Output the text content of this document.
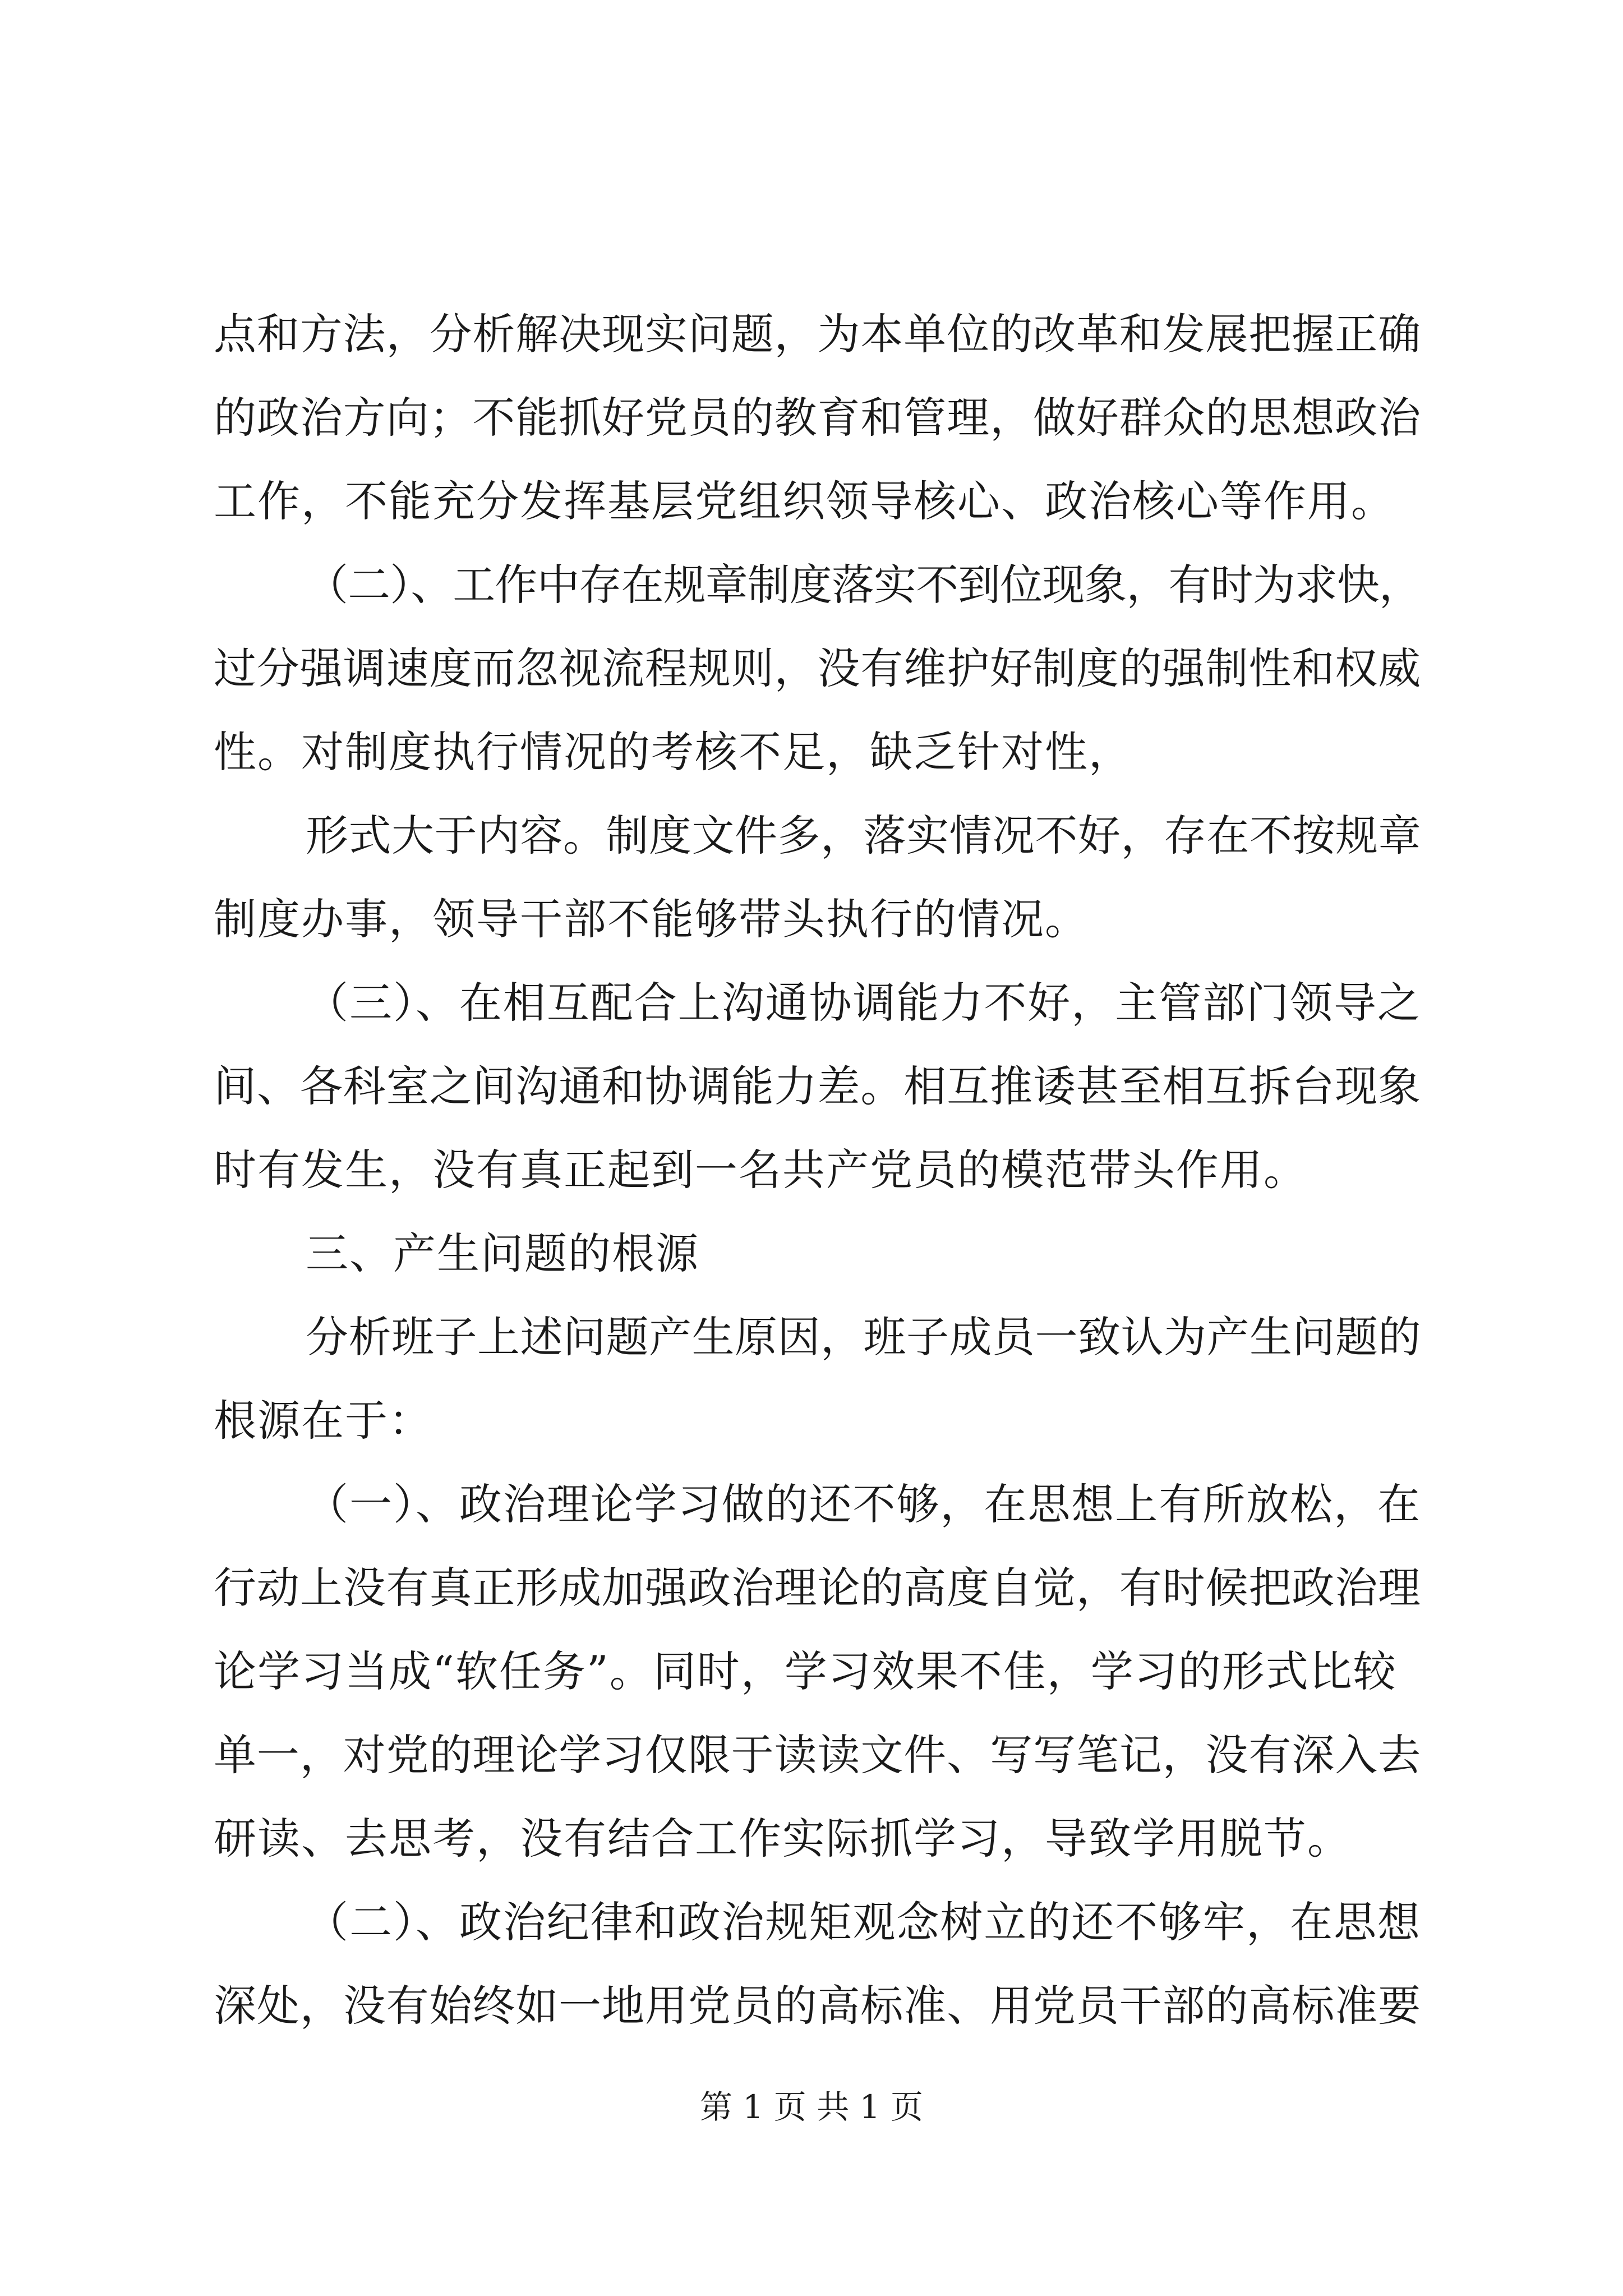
点和方法，分析解决现实问题，为本单位的改革和发展把握正确
的政治方向；不能抓好党员的教育和管理，做好群众的思想政治
工作，不能充分发挥基层党组织领导核心、政治核心等作用。
（二）、工作中存在规章制度落实不到位现象，有时为求快，
过分强调速度而忽视流程规则，没有维护好制度的强制性和权威
性。对制度执行情况的考核不足，缺乏针对性，
形式大于内容。制度文件多，落实情况不好，存在不按规章
制度办事，领导干部不能够带头执行的情况。
（三）、在相互配合上沟通协调能力不好，主管部门领导之
间、各科室之间沟通和协调能力差。相互推诿甚至相互拆台现象
时有发生，没有真正起到一名共产党员的模范带头作用。
三、产生问题的根源
分析班子上述问题产生原因，班子成员一致认为产生问题的
根源在于：
（一）、政治理论学习做的还不够，在思想上有所放松，在
行动上没有真正形成加强政治理论的高度自觉，有时候把政治理
论学习当成“软任务”。同时，学习效果不佳，学习的形式比较
单一，对党的理论学习仅限于读读文件、写写笔记，没有深入去
研读、去思考，没有结合工作实际抓学习，导致学用脱节。
（二）、政治纪律和政治规矩观念树立的还不够牢，在思想
深处，没有始终如一地用党员的高标准、用党员干部的高标准要
第 1 页 共 1 页
